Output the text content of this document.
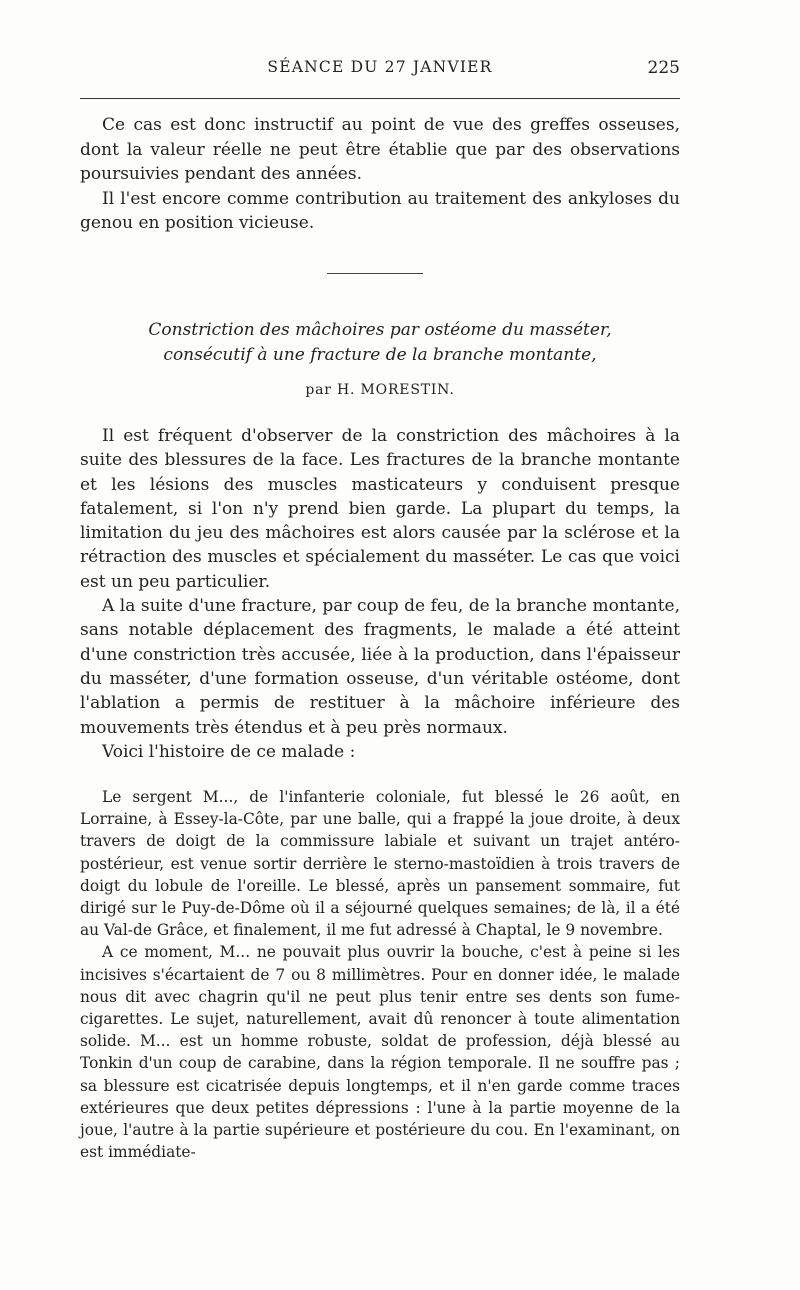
SÉANCE DU 27 JANVIER	225

Ce cas est donc instructif au point de vue des greffes osseuses, dont la valeur réelle ne peut être établie que par des observations poursuivies pendant des années.

Il l'est encore comme contribution au traitement des ankyloses du genou en position vicieuse.

Constriction des mâchoires par ostéome du masséter,
consécutif à une fracture de la branche montante,
par H. MORESTIN.

Il est fréquent d'observer de la constriction des mâchoires à la suite des blessures de la face. Les fractures de la branche montante et les lésions des muscles masticateurs y conduisent presque fatalement, si l'on n'y prend bien garde. La plupart du temps, la limitation du jeu des mâchoires est alors causée par la sclérose et la rétraction des muscles et spécialement du masséter. Le cas que voici est un peu particulier.

A la suite d'une fracture, par coup de feu, de la branche montante, sans notable déplacement des fragments, le malade a été atteint d'une constriction très accusée, liée à la production, dans l'épaisseur du masséter, d'une formation osseuse, d'un véritable ostéome, dont l'ablation a permis de restituer à la mâchoire inférieure des mouvements très étendus et à peu près normaux.

Voici l'histoire de ce malade :

Le sergent M..., de l'infanterie coloniale, fut blessé le 26 août, en Lorraine, à Essey-la-Côte, par une balle, qui a frappé la joue droite, à deux travers de doigt de la commissure labiale et suivant un trajet antéro-postérieur, est venue sortir derrière le sterno-mastoïdien à trois travers de doigt du lobule de l'oreille. Le blessé, après un pansement sommaire, fut dirigé sur le Puy-de-Dôme où il a séjourné quelques semaines; de là, il a été au Val-de Grâce, et finalement, il me fut adressé à Chaptal, le 9 novembre.

A ce moment, M... ne pouvait plus ouvrir la bouche, c'est à peine si les incisives s'écartaient de 7 ou 8 millimètres. Pour en donner idée, le malade nous dit avec chagrin qu'il ne peut plus tenir entre ses dents son fume-cigarettes. Le sujet, naturellement, avait dû renoncer à toute alimentation solide. M... est un homme robuste, soldat de profession, déjà blessé au Tonkin d'un coup de carabine, dans la région temporale. Il ne souffre pas ; sa blessure est cicatrisée depuis longtemps, et il n'en garde comme traces extérieures que deux petites dépressions : l'une à la partie moyenne de la joue, l'autre à la partie supérieure et postérieure du cou. En l'examinant, on est immédiate-
